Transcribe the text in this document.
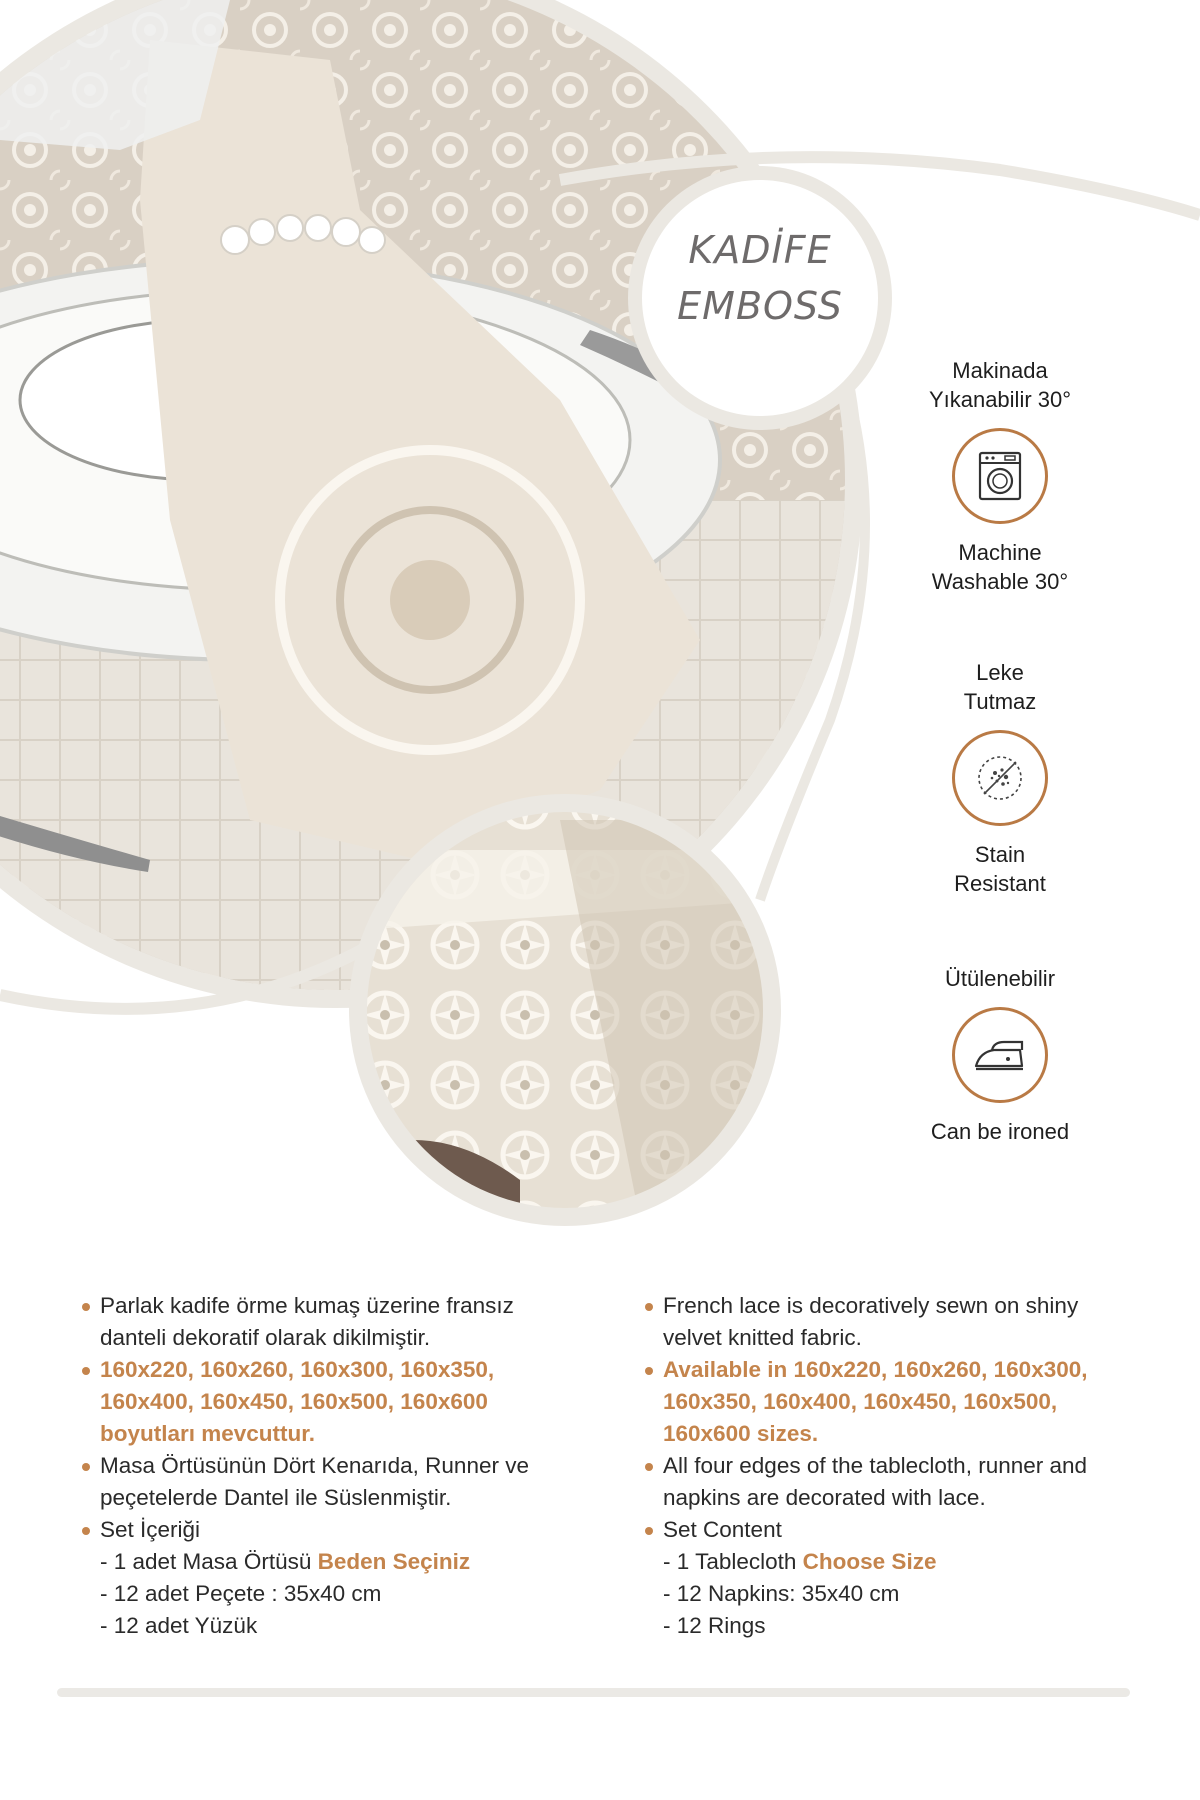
KADİFE
EMBOSS
Makinada
Yıkanabilir 30°
Machine
Washable 30°
Leke
Tutmaz
Stain
Resistant
Ütülenebilir
Can be ironed

Parlak kadife örme kumaş üzerine fransız danteli dekoratif olarak dikilmiştir.

160x220, 160x260, 160x300, 160x350, 160x400, 160x450, 160x500, 160x600 boyutları mevcuttur.

Masa Örtüsünün Dört Kenarıda, Runner ve peçetelerde Dantel ile Süslenmiştir.

Set İçeriği

- 1 adet Masa Örtüsü Beden Seçiniz

- 12 adet Peçete : 35x40 cm

- 12 adet Yüzük

French lace is decoratively sewn on shiny velvet knitted fabric.

Available in 160x220, 160x260, 160x300, 160x350, 160x400, 160x450, 160x500, 160x600 sizes.

All four edges of the tablecloth, runner and napkins are decorated with lace.

Set Content

- 1 Tablecloth Choose Size

- 12 Napkins: 35x40 cm

- 12 Rings
